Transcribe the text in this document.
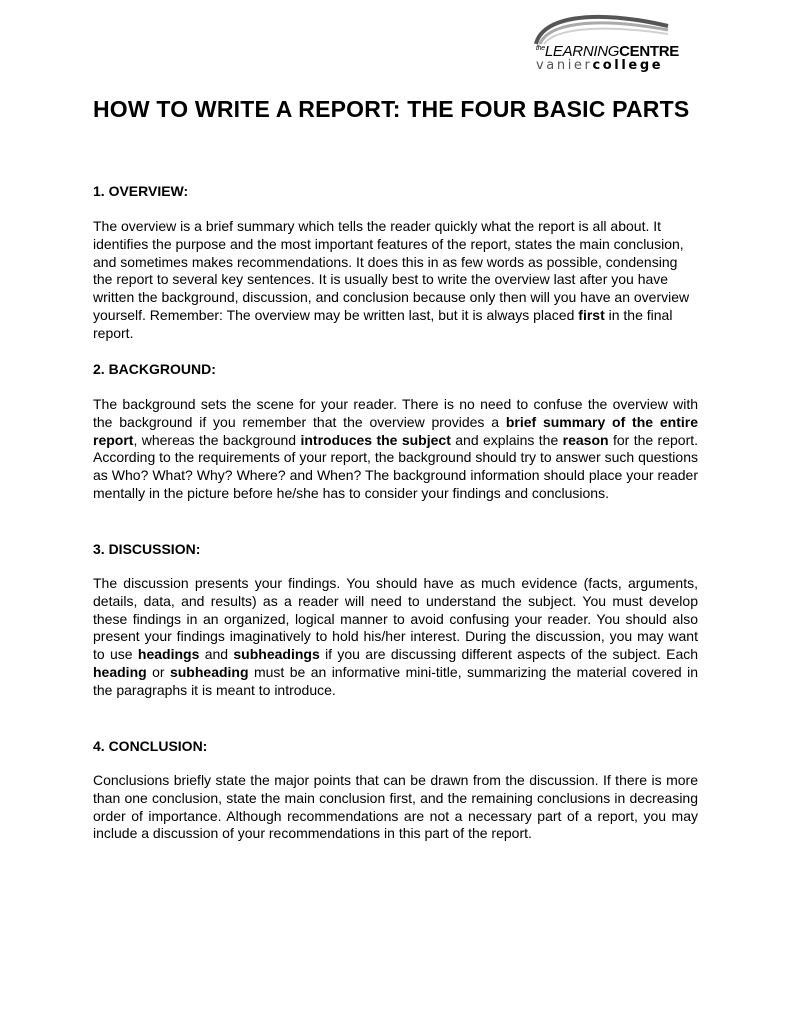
$^{the}$LEARNINGCENTRE
vaniercollege
HOW TO WRITE A REPORT: THE FOUR BASIC PARTS
1. OVERVIEW:

The overview is a brief summary which tells the reader quickly what the report is all about. It identifies the purpose and the most important features of the report, states the main conclusion, and sometimes makes recommendations. It does this in as few words as possible, condensing the report to several key sentences. It is usually best to write the overview last after you have written the background, discussion, and conclusion because only then will you have an overview yourself. Remember: The overview may be written last, but it is always placed first in the final report.

2. BACKGROUND:

The background sets the scene for your reader. There is no need to confuse the overview with the background if you remember that the overview provides a brief summary of the entire report, whereas the background introduces the subject and explains the reason for the report. According to the requirements of your report, the background should try to answer such questions as Who? What? Why? Where? and When? The background information should place your reader mentally in the picture before he/she has to consider your findings and conclusions.

3. DISCUSSION:

The discussion presents your findings. You should have as much evidence (facts, arguments, details, data, and results) as a reader will need to understand the subject. You must develop these findings in an organized, logical manner to avoid confusing your reader. You should also present your findings imaginatively to hold his/her interest. During the discussion, you may want to use headings and subheadings if you are discussing different aspects of the subject. Each heading or subheading must be an informative mini-title, summarizing the material covered in the paragraphs it is meant to introduce.

4. CONCLUSION:

Conclusions briefly state the major points that can be drawn from the discussion. If there is more than one conclusion, state the main conclusion first, and the remaining conclusions in decreasing order of importance. Although recommendations are not a necessary part of a report, you may include a discussion of your recommendations in this part of the report.
